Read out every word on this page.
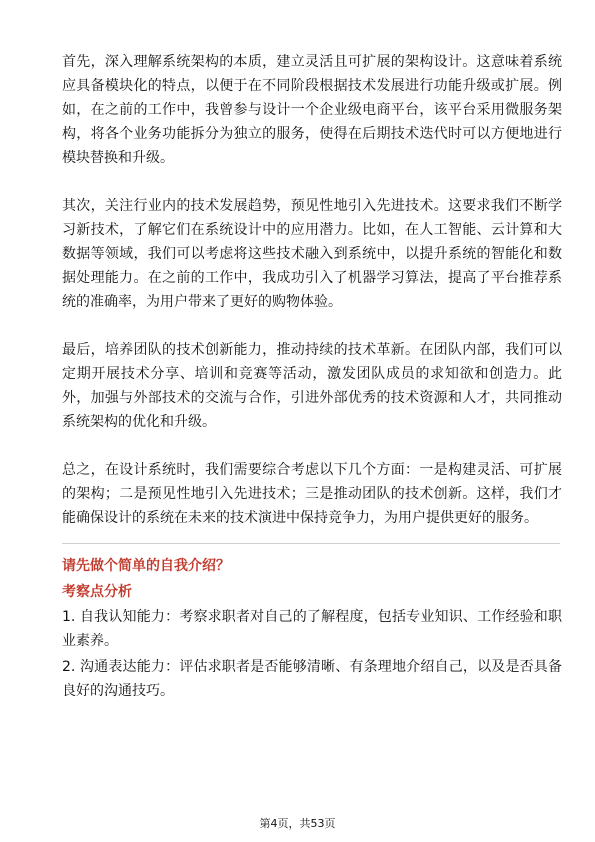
首先，深入理解系统架构的本质，建立灵活且可扩展的架构设计。这意味着系统应具备模块化的特点，以便于在不同阶段根据技术发展进行功能升级或扩展。例如，在之前的工作中，我曾参与设计一个企业级电商平台，该平台采用微服务架构，将各个业务功能拆分为独立的服务，使得在后期技术迭代时可以方便地进行模块替换和升级。

其次，关注行业内的技术发展趋势，预见性地引入先进技术。这要求我们不断学习新技术，了解它们在系统设计中的应用潜力。比如，在人工智能、云计算和大数据等领域，我们可以考虑将这些技术融入到系统中，以提升系统的智能化和数据处理能力。在之前的工作中，我成功引入了机器学习算法，提高了平台推荐系统的准确率，为用户带来了更好的购物体验。

最后，培养团队的技术创新能力，推动持续的技术革新。在团队内部，我们可以定期开展技术分享、培训和竞赛等活动，激发团队成员的求知欲和创造力。此外，加强与外部技术的交流与合作，引进外部优秀的技术资源和人才，共同推动系统架构的优化和升级。

总之，在设计系统时，我们需要综合考虑以下几个方面：一是构建灵活、可扩展的架构；二是预见性地引入先进技术；三是推动团队的技术创新。这样，我们才能确保设计的系统在未来的技术演进中保持竞争力，为用户提供更好的服务。

请先做个简单的自我介绍？

考察点分析

1. 自我认知能力：考察求职者对自己的了解程度，包括专业知识、工作经验和职业素养。

2. 沟通表达能力：评估求职者是否能够清晰、有条理地介绍自己，以及是否具备良好的沟通技巧。

第4页，共53页
